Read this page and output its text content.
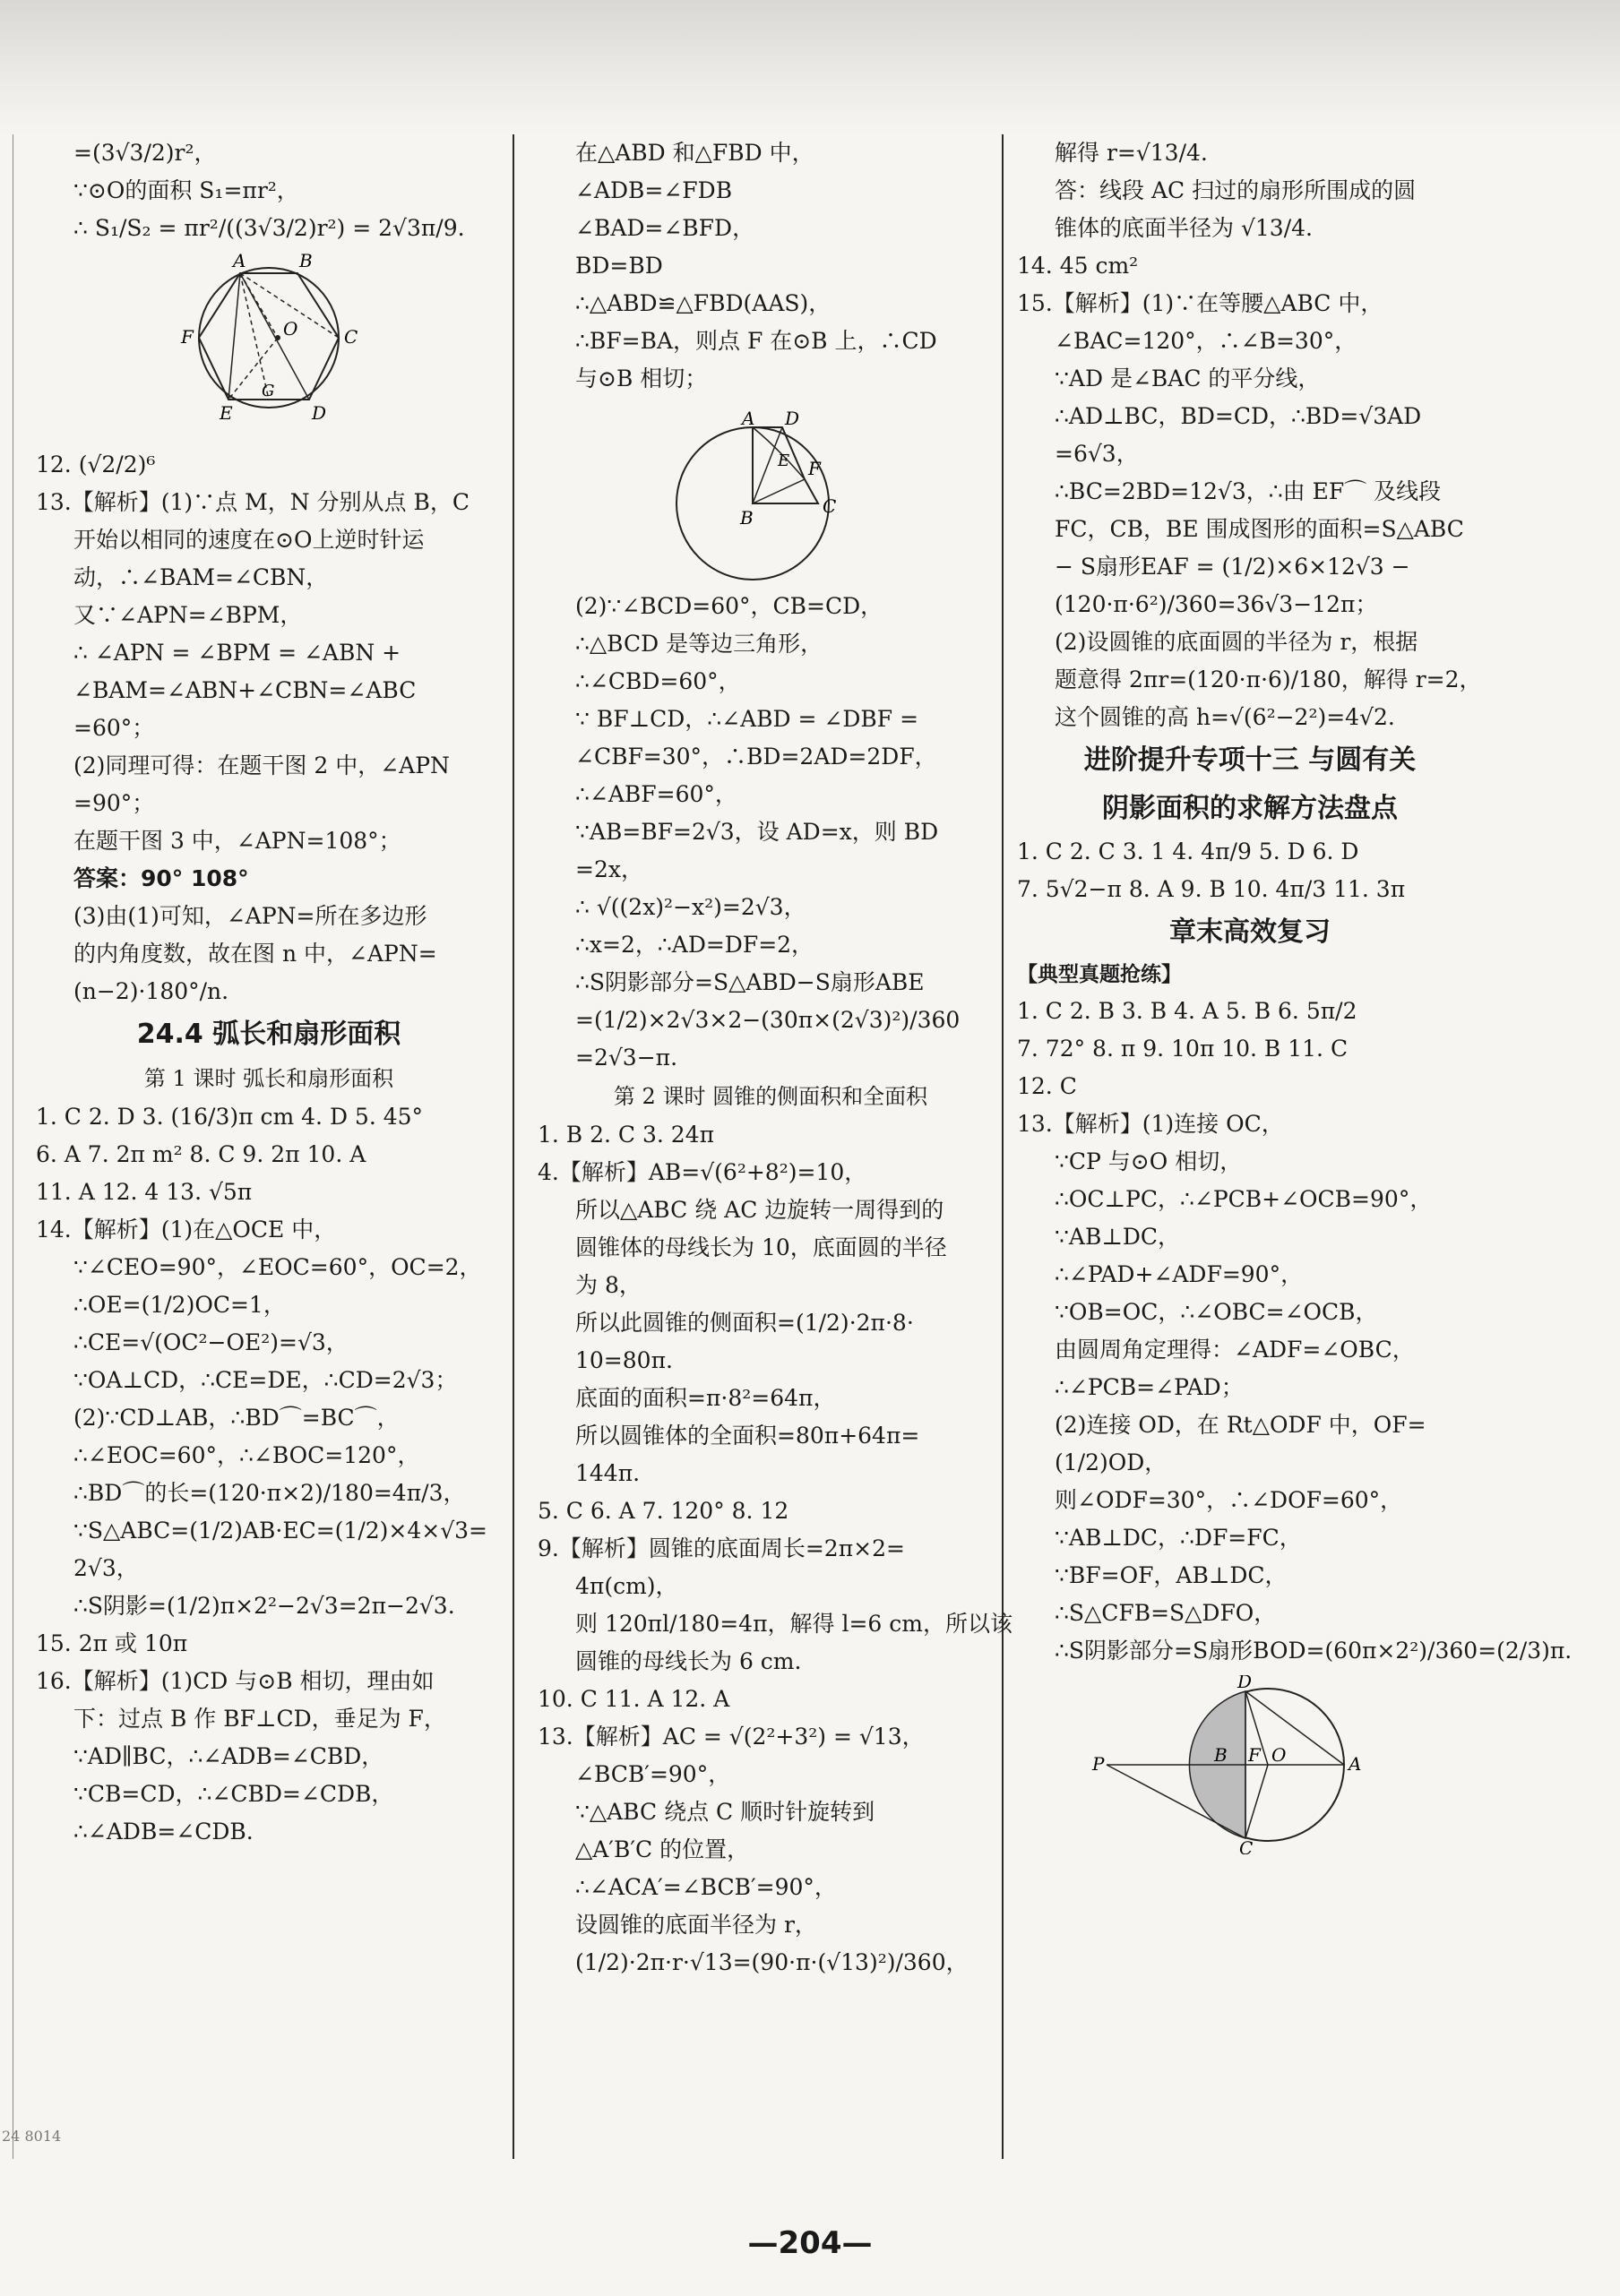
=(3√3/2)r²，
∵⊙O的面积 S₁=πr²，
∴ S₁/S₂ = πr²/((3√3/2)r²) = 2√3π/9.
A	B
C
D
E
F	O
G
12. (√2/2)⁶
13.【解析】(1)∵点 M，N 分别从点 B，C
开始以相同的速度在⊙O上逆时针运
动，∴∠BAM=∠CBN，
又∵∠APN=∠BPM，
∴ ∠APN = ∠BPM = ∠ABN +
∠BAM=∠ABN+∠CBN=∠ABC
=60°；
(2)同理可得：在题干图 2 中，∠APN
=90°；
在题干图 3 中，∠APN=108°；
答案：90° 108°
(3)由(1)可知，∠APN=所在多边形
的内角度数，故在图 n 中，∠APN=
(n−2)·180°/n.
24.4 弧长和扇形面积
第 1 课时 弧长和扇形面积
1. C 2. D 3. (16/3)π cm 4. D 5. 45°
6. A 7. 2π m² 8. C 9. 2π 10. A
11. A 12. 4 13. √5π
14.【解析】(1)在△OCE 中，
∵∠CEO=90°，∠EOC=60°，OC=2，
∴OE=(1/2)OC=1，
∴CE=√(OC²−OE²)=√3，
∵OA⊥CD，∴CE=DE，∴CD=2√3；
(2)∵CD⊥AB，∴BD⌒=BC⌒，
∴∠EOC=60°，∴∠BOC=120°，
∴BD⌒的长=(120·π×2)/180=4π/3，
∵S△ABC=(1/2)AB·EC=(1/2)×4×√3=
2√3，
∴S阴影=(1/2)π×2²−2√3=2π−2√3.
15. 2π 或 10π
16.【解析】(1)CD 与⊙B 相切，理由如
下：过点 B 作 BF⊥CD，垂足为 F，
∵AD∥BC，∴∠ADB=∠CBD，
∵CB=CD，∴∠CBD=∠CDB，
∴∠ADB=∠CDB.
在△ABD 和△FBD 中，
∠ADB=∠FDB
∠BAD=∠BFD，
BD=BD
∴△ABD≌△FBD(AAS)，
∴BF=BA，则点 F 在⊙B 上，∴CD
与⊙B 相切；
A D
E F
B
C
(2)∵∠BCD=60°，CB=CD，
∴△BCD 是等边三角形，
∴∠CBD=60°，
∵ BF⊥CD，∴∠ABD = ∠DBF =
∠CBF=30°，∴BD=2AD=2DF，
∴∠ABF=60°，
∵AB=BF=2√3，设 AD=x，则 BD
=2x，
∴ √((2x)²−x²)=2√3，
∴x=2，∴AD=DF=2，
∴S阴影部分=S△ABD−S扇形ABE
=(1/2)×2√3×2−(30π×(2√3)²)/360
=2√3−π.
第 2 课时 圆锥的侧面积和全面积
1. B 2. C 3. 24π
4.【解析】AB=√(6²+8²)=10，
所以△ABC 绕 AC 边旋转一周得到的
圆锥体的母线长为 10，底面圆的半径
为 8，
所以此圆锥的侧面积=(1/2)·2π·8·
10=80π.
底面的面积=π·8²=64π，
所以圆锥体的全面积=80π+64π=
144π.
5. C 6. A 7. 120° 8. 12
9.【解析】圆锥的底面周长=2π×2=
4π(cm)，
则 120πl/180=4π，解得 l=6 cm，所以该
圆锥的母线长为 6 cm.
10. C 11. A 12. A
13.【解析】AC = √(2²+3²) = √13，
∠BCB′=90°，
∵△ABC 绕点 C 顺时针旋转到
△A′B′C 的位置，
∴∠ACA′=∠BCB′=90°，
设圆锥的底面半径为 r，
(1/2)·2π·r·√13=(90·π·(√13)²)/360，
解得 r=√13/4.
答：线段 AC 扫过的扇形所围成的圆
锥体的底面半径为 √13/4.
14. 45 cm²
15.【解析】(1)∵在等腰△ABC 中，
∠BAC=120°，∴∠B=30°，
∵AD 是∠BAC 的平分线，
∴AD⊥BC，BD=CD，∴BD=√3AD
=6√3，
∴BC=2BD=12√3，∴由 EF⌒ 及线段
FC，CB，BE 围成图形的面积=S△ABC
− S扇形EAF = (1/2)×6×12√3 −
(120·π·6²)/360=36√3−12π；
(2)设圆锥的底面圆的半径为 r，根据
题意得 2πr=(120·π·6)/180，解得 r=2，
这个圆锥的高 h=√(6²−2²)=4√2.
进阶提升专项十三 与圆有关
阴影面积的求解方法盘点
1. C 2. C 3. 1 4. 4π/9 5. D 6. D
7. 5√2−π 8. A 9. B 10. 4π/3 11. 3π
章末高效复习
【典型真题抢练】
1. C 2. B 3. B 4. A 5. B 6. 5π/2
7. 72° 8. π 9. 10π 10. B 11. C
12. C
13.【解析】(1)连接 OC，
∵CP 与⊙O 相切，
∴OC⊥PC，∴∠PCB+∠OCB=90°，
∵AB⊥DC，
∴∠PAD+∠ADF=90°，
∵OB=OC，∴∠OBC=∠OCB，
由圆周角定理得：∠ADF=∠OBC，
∴∠PCB=∠PAD；
(2)连接 OD，在 Rt△ODF 中，OF=
(1/2)OD，
则∠ODF=30°，∴∠DOF=60°，
∵AB⊥DC，∴DF=FC，
∵BF=OF，AB⊥DC，
∴S△CFB=S△DFO，
∴S阴影部分=S扇形BOD=(60π×2²)/360=(2/3)π.
D
P	B F O	A
C
—204—
24 8014
